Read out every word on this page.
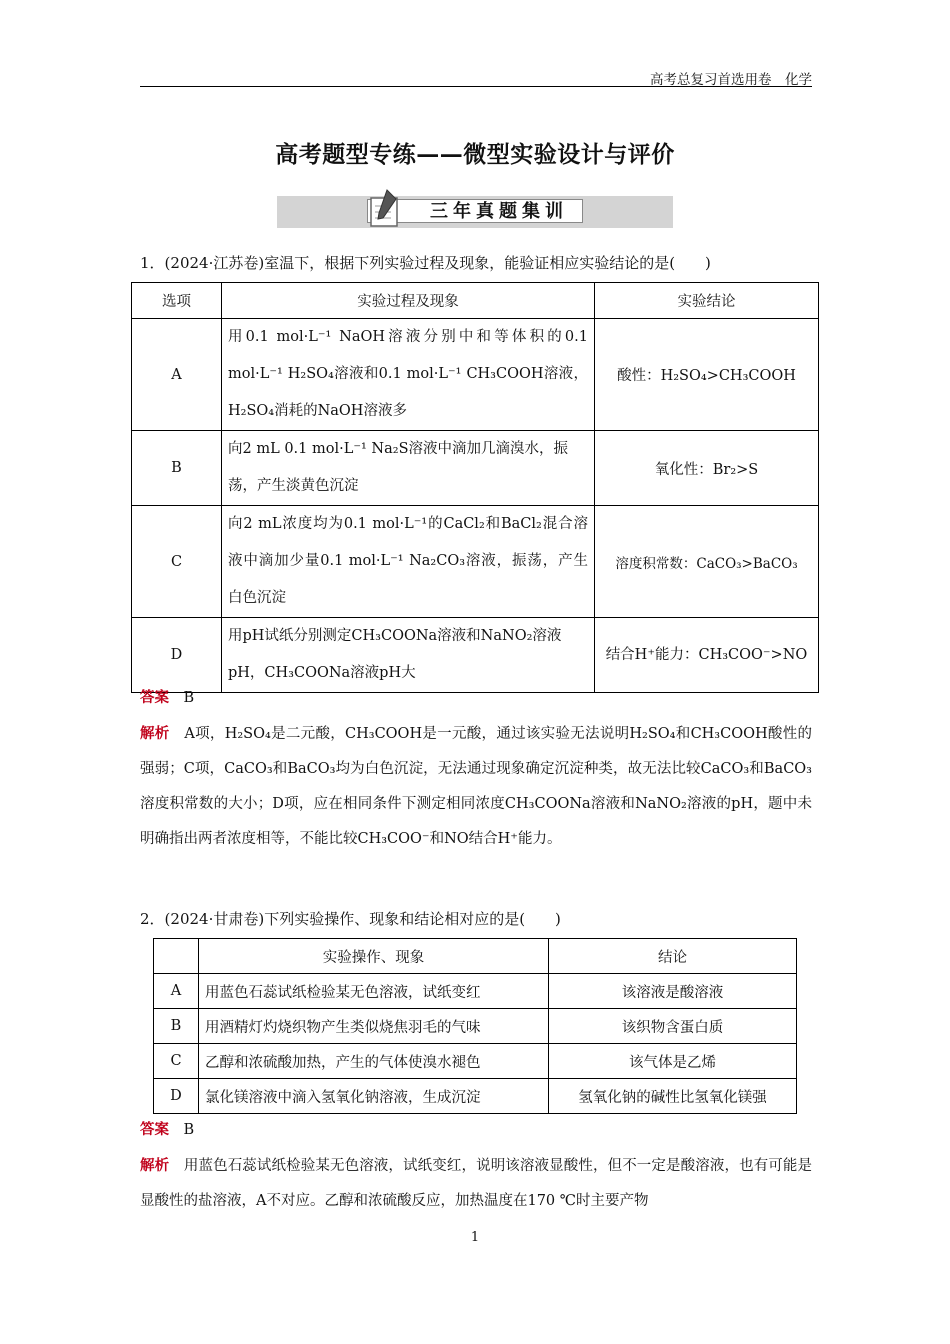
高考总复习首选用卷　化学
高考题型专练——微型实验设计与评价
三年真题集训

1．(2024·江苏卷)室温下，根据下列实验过程及现象，能验证相应实验结论的是(　　)

选项	实验过程及现象	实验结论
A	用0.1 mol·L⁻¹ NaOH溶液分别中和等体积的0.1 mol·L⁻¹ H₂SO₄溶液和0.1 mol·L⁻¹ CH₃COOH溶液，H₂SO₄消耗的NaOH溶液多	酸性：H₂SO₄>CH₃COOH
B	向2 mL 0.1 mol·L⁻¹ Na₂S溶液中滴加几滴溴水，振荡，产生淡黄色沉淀	氧化性：Br₂>S
C	向2 mL浓度均为0.1 mol·L⁻¹的CaCl₂和BaCl₂混合溶液中滴加少量0.1 mol·L⁻¹ Na₂CO₃溶液，振荡，产生白色沉淀	溶度积常数：CaCO₃>BaCO₃
D	用pH试纸分别测定CH₃COONa溶液和NaNO₂溶液pH，CH₃COONa溶液pH大	结合H⁺能力：CH₃COO⁻>NO
答案　 B
解析　 A项，H₂SO₄是二元酸，CH₃COOH是一元酸，通过该实验无法说明H₂SO₄和CH₃COOH酸性的强弱；C项，CaCO₃和BaCO₃均为白色沉淀，无法通过现象确定沉淀种类，故无法比较CaCO₃和BaCO₃溶度积常数的大小；D项，应在相同条件下测定相同浓度CH₃COONa溶液和NaNO₂溶液的pH，题中未明确指出两者浓度相等，不能比较CH₃COO⁻和NO结合H⁺能力。

2．(2024·甘肃卷)下列实验操作、现象和结论相对应的是(　　)

	实验操作、现象	结论
A	用蓝色石蕊试纸检验某无色溶液，试纸变红	该溶液是酸溶液
B	用酒精灯灼烧织物产生类似烧焦羽毛的气味	该织物含蛋白质
C	乙醇和浓硫酸加热，产生的气体使溴水褪色	该气体是乙烯
D	氯化镁溶液中滴入氢氧化钠溶液，生成沉淀	氢氧化钠的碱性比氢氧化镁强
答案　 B
解析　 用蓝色石蕊试纸检验某无色溶液，试纸变红，说明该溶液显酸性，但不一定是酸溶液，也有可能是显酸性的盐溶液，A不对应。乙醇和浓硫酸反应，加热温度在170 ℃时主要产物
1
